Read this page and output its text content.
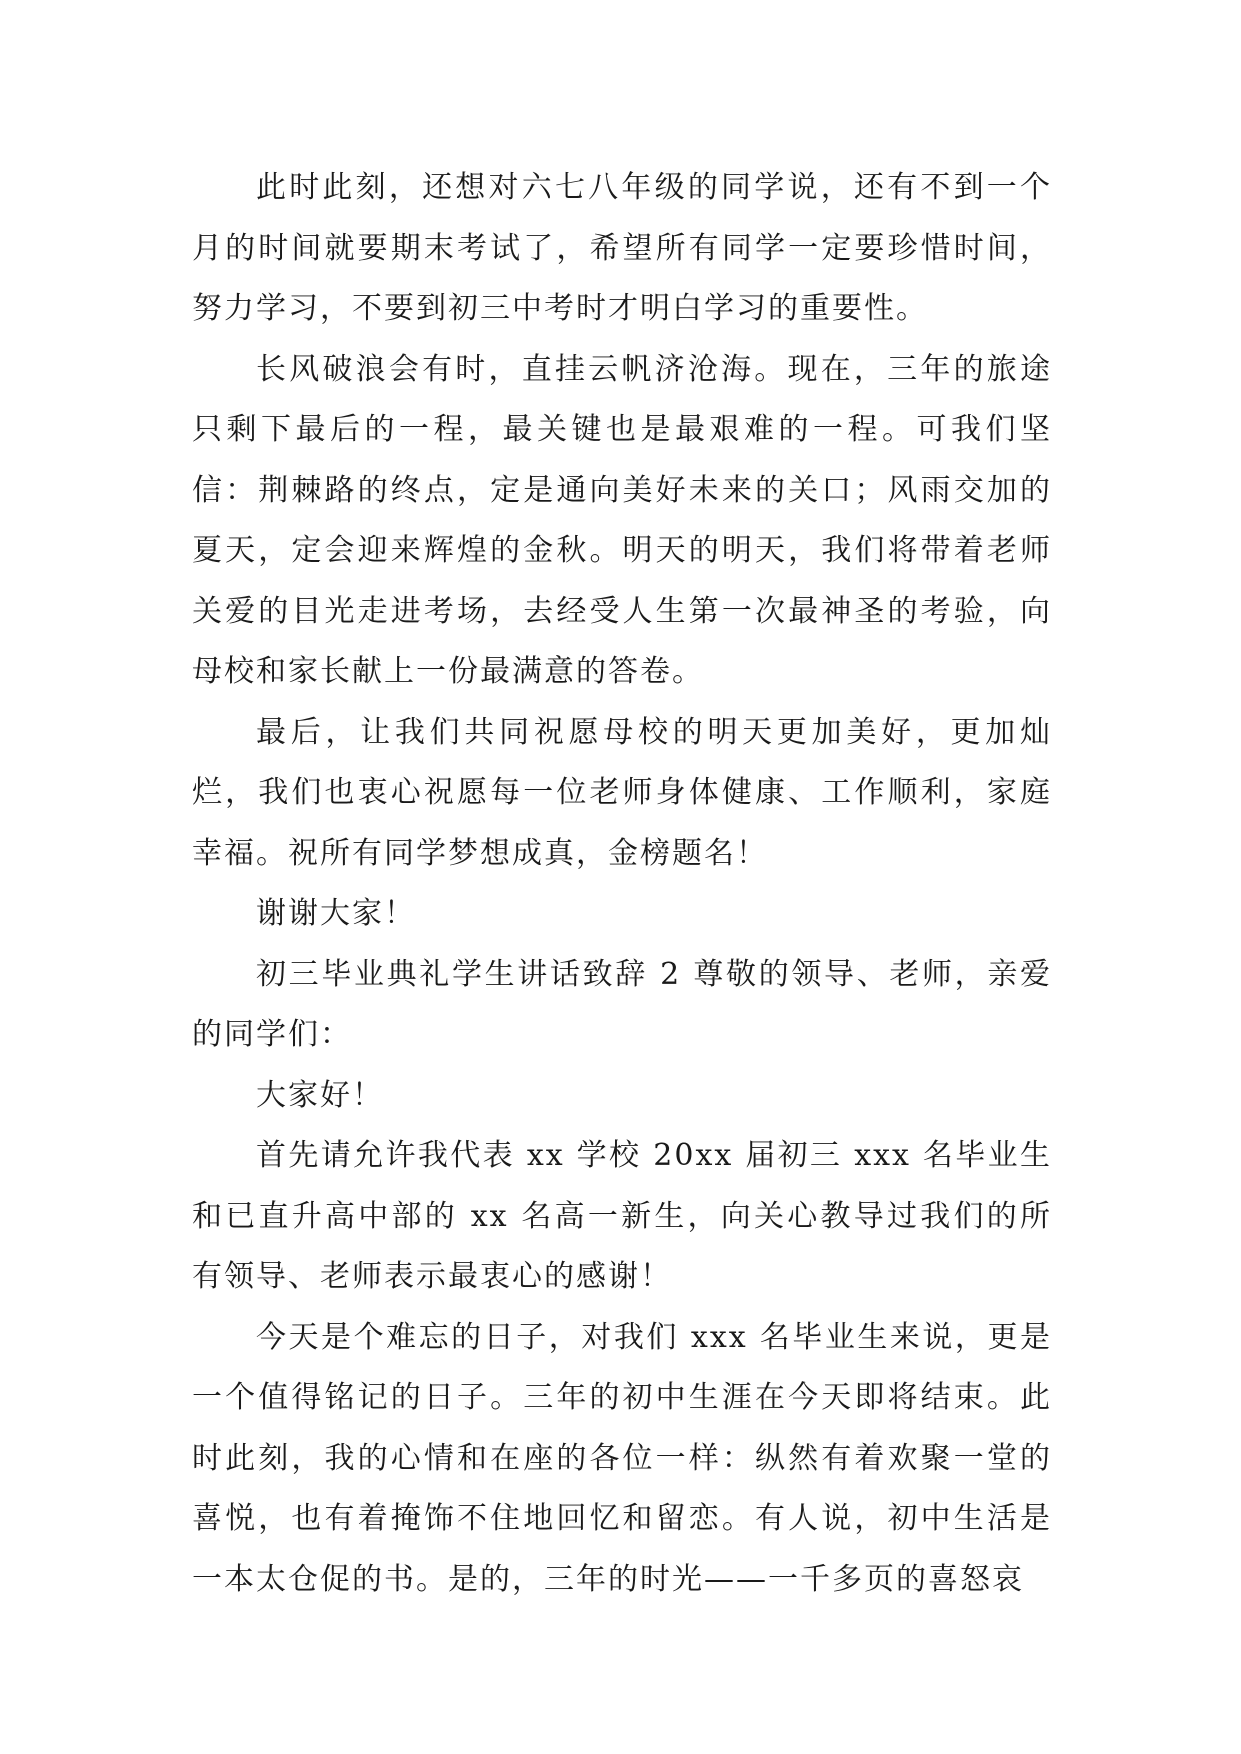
此时此刻，还想对六七八年级的同学说，还有不到一个月的时间就要期末考试了，希望所有同学一定要珍惜时间，努力学习，不要到初三中考时才明白学习的重要性。

长风破浪会有时，直挂云帆济沧海。现在，三年的旅途只剩下最后的一程，最关键也是最艰难的一程。可我们坚信：荆棘路的终点，定是通向美好未来的关口；风雨交加的夏天，定会迎来辉煌的金秋。明天的明天，我们将带着老师关爱的目光走进考场，去经受人生第一次最神圣的考验，向母校和家长献上一份最满意的答卷。

最后，让我们共同祝愿母校的明天更加美好，更加灿烂，我们也衷心祝愿每一位老师身体健康、工作顺利，家庭幸福。祝所有同学梦想成真，金榜题名！

谢谢大家！

初三毕业典礼学生讲话致辞 2 尊敬的领导、老师，亲爱的同学们：

大家好！

首先请允许我代表 xx 学校 20xx 届初三 xxx 名毕业生和已直升高中部的 xx 名高一新生，向关心教导过我们的所有领导、老师表示最衷心的感谢！

今天是个难忘的日子，对我们 xxx 名毕业生来说，更是一个值得铭记的日子。三年的初中生涯在今天即将结束。此时此刻，我的心情和在座的各位一样：纵然有着欢聚一堂的喜悦，也有着掩饰不住地回忆和留恋。有人说，初中生活是一本太仓促的书。是的，三年的时光——一千多页的喜怒哀
